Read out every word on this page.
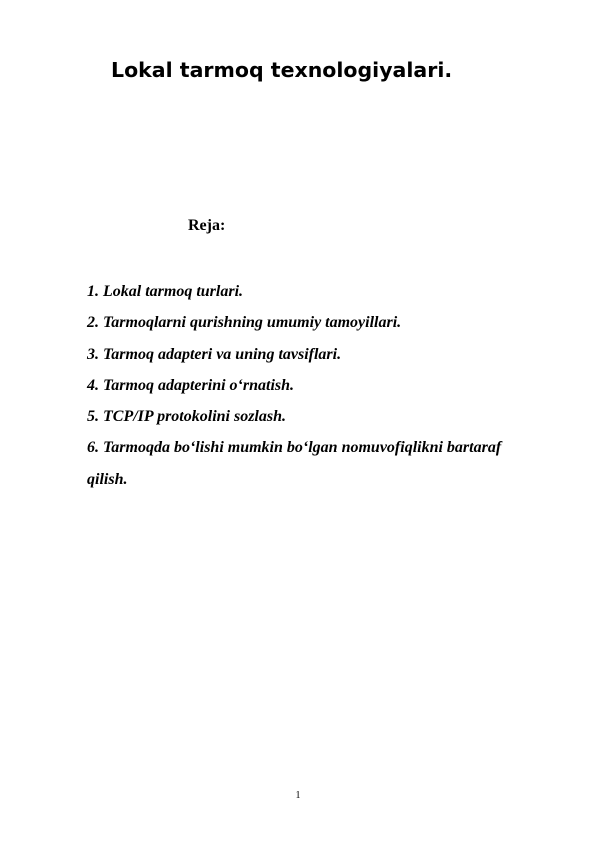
Lokal tarmoq texnologiyalari.

Reja:

1. Lokal tarmoq turlari.
2. Tarmoqlarni qurishning umumiy tamoyillari.
3. Tarmoq adapteri va uning tavsiflari.
4. Tarmoq adapterini o‘rnatish.
5. TCP/IP protokolini sozlash.
6. Tarmoqda bo‘lishi mumkin bo‘lgan nomuvofiqlikni bartaraf qilish.
1
